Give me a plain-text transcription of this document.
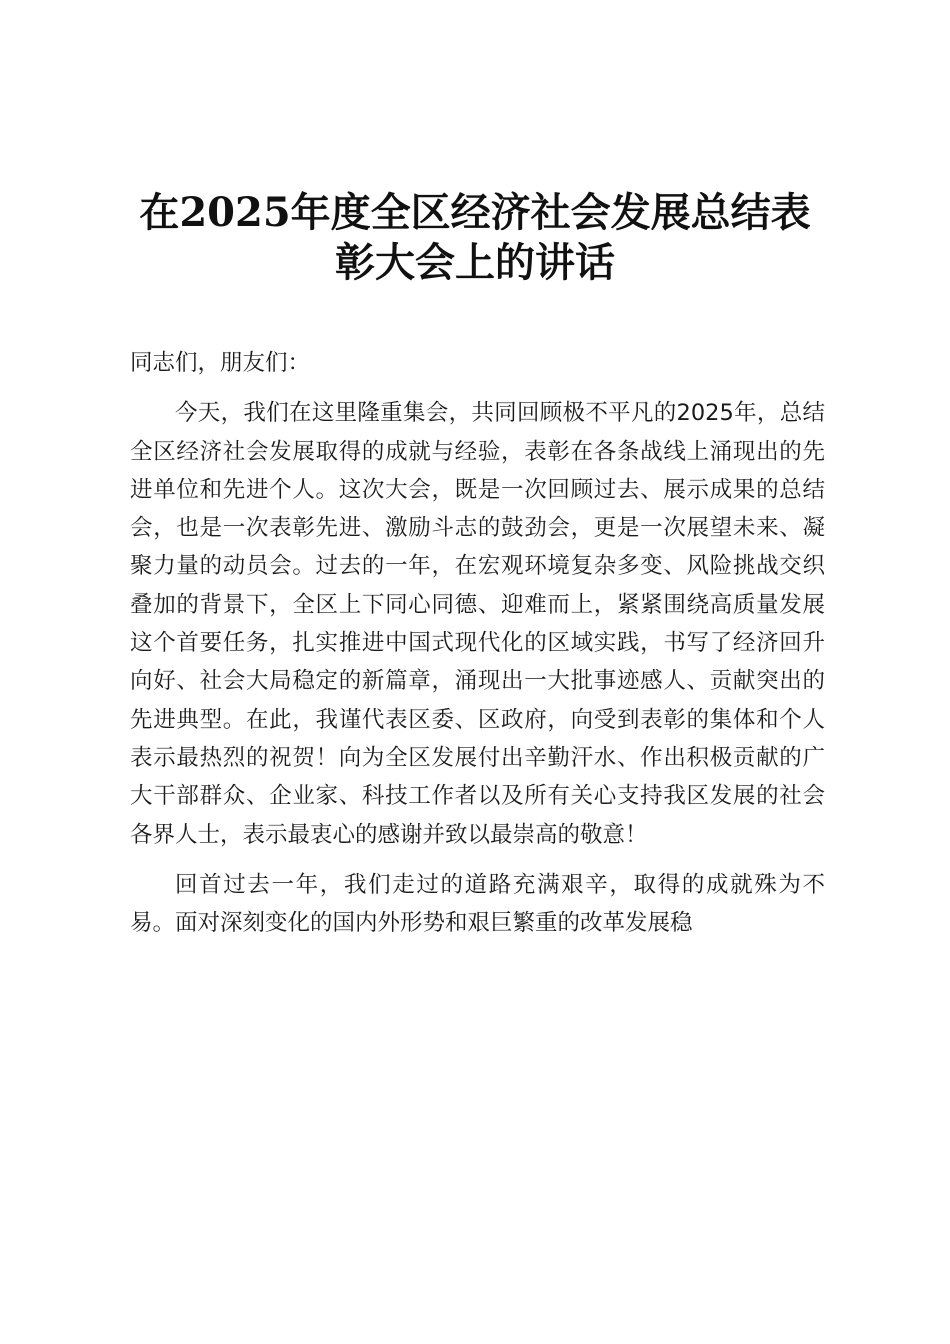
在2025年度全区经济社会发展总结表
彰大会上的讲话

同志们，朋友们：

今天，我们在这里隆重集会，共同回顾极不平凡的2025年，总结全区经济社会发展取得的成就与经验，表彰在各条战线上涌现出的先进单位和先进个人。这次大会，既是一次回顾过去、展示成果的总结会，也是一次表彰先进、激励斗志的鼓劲会，更是一次展望未来、凝聚力量的动员会。过去的一年，在宏观环境复杂多变、风险挑战交织叠加的背景下，全区上下同心同德、迎难而上，紧紧围绕高质量发展这个首要任务，扎实推进中国式现代化的区域实践，书写了经济回升向好、社会大局稳定的新篇章，涌现出一大批事迹感人、贡献突出的先进典型。在此，我谨代表区委、区政府，向受到表彰的集体和个人表示最热烈的祝贺！向为全区发展付出辛勤汗水、作出积极贡献的广大干部群众、企业家、科技工作者以及所有关心支持我区发展的社会各界人士，表示最衷心的感谢并致以最崇高的敬意！

回首过去一年，我们走过的道路充满艰辛，取得的成就殊为不易。面对深刻变化的国内外形势和艰巨繁重的改革发展稳
